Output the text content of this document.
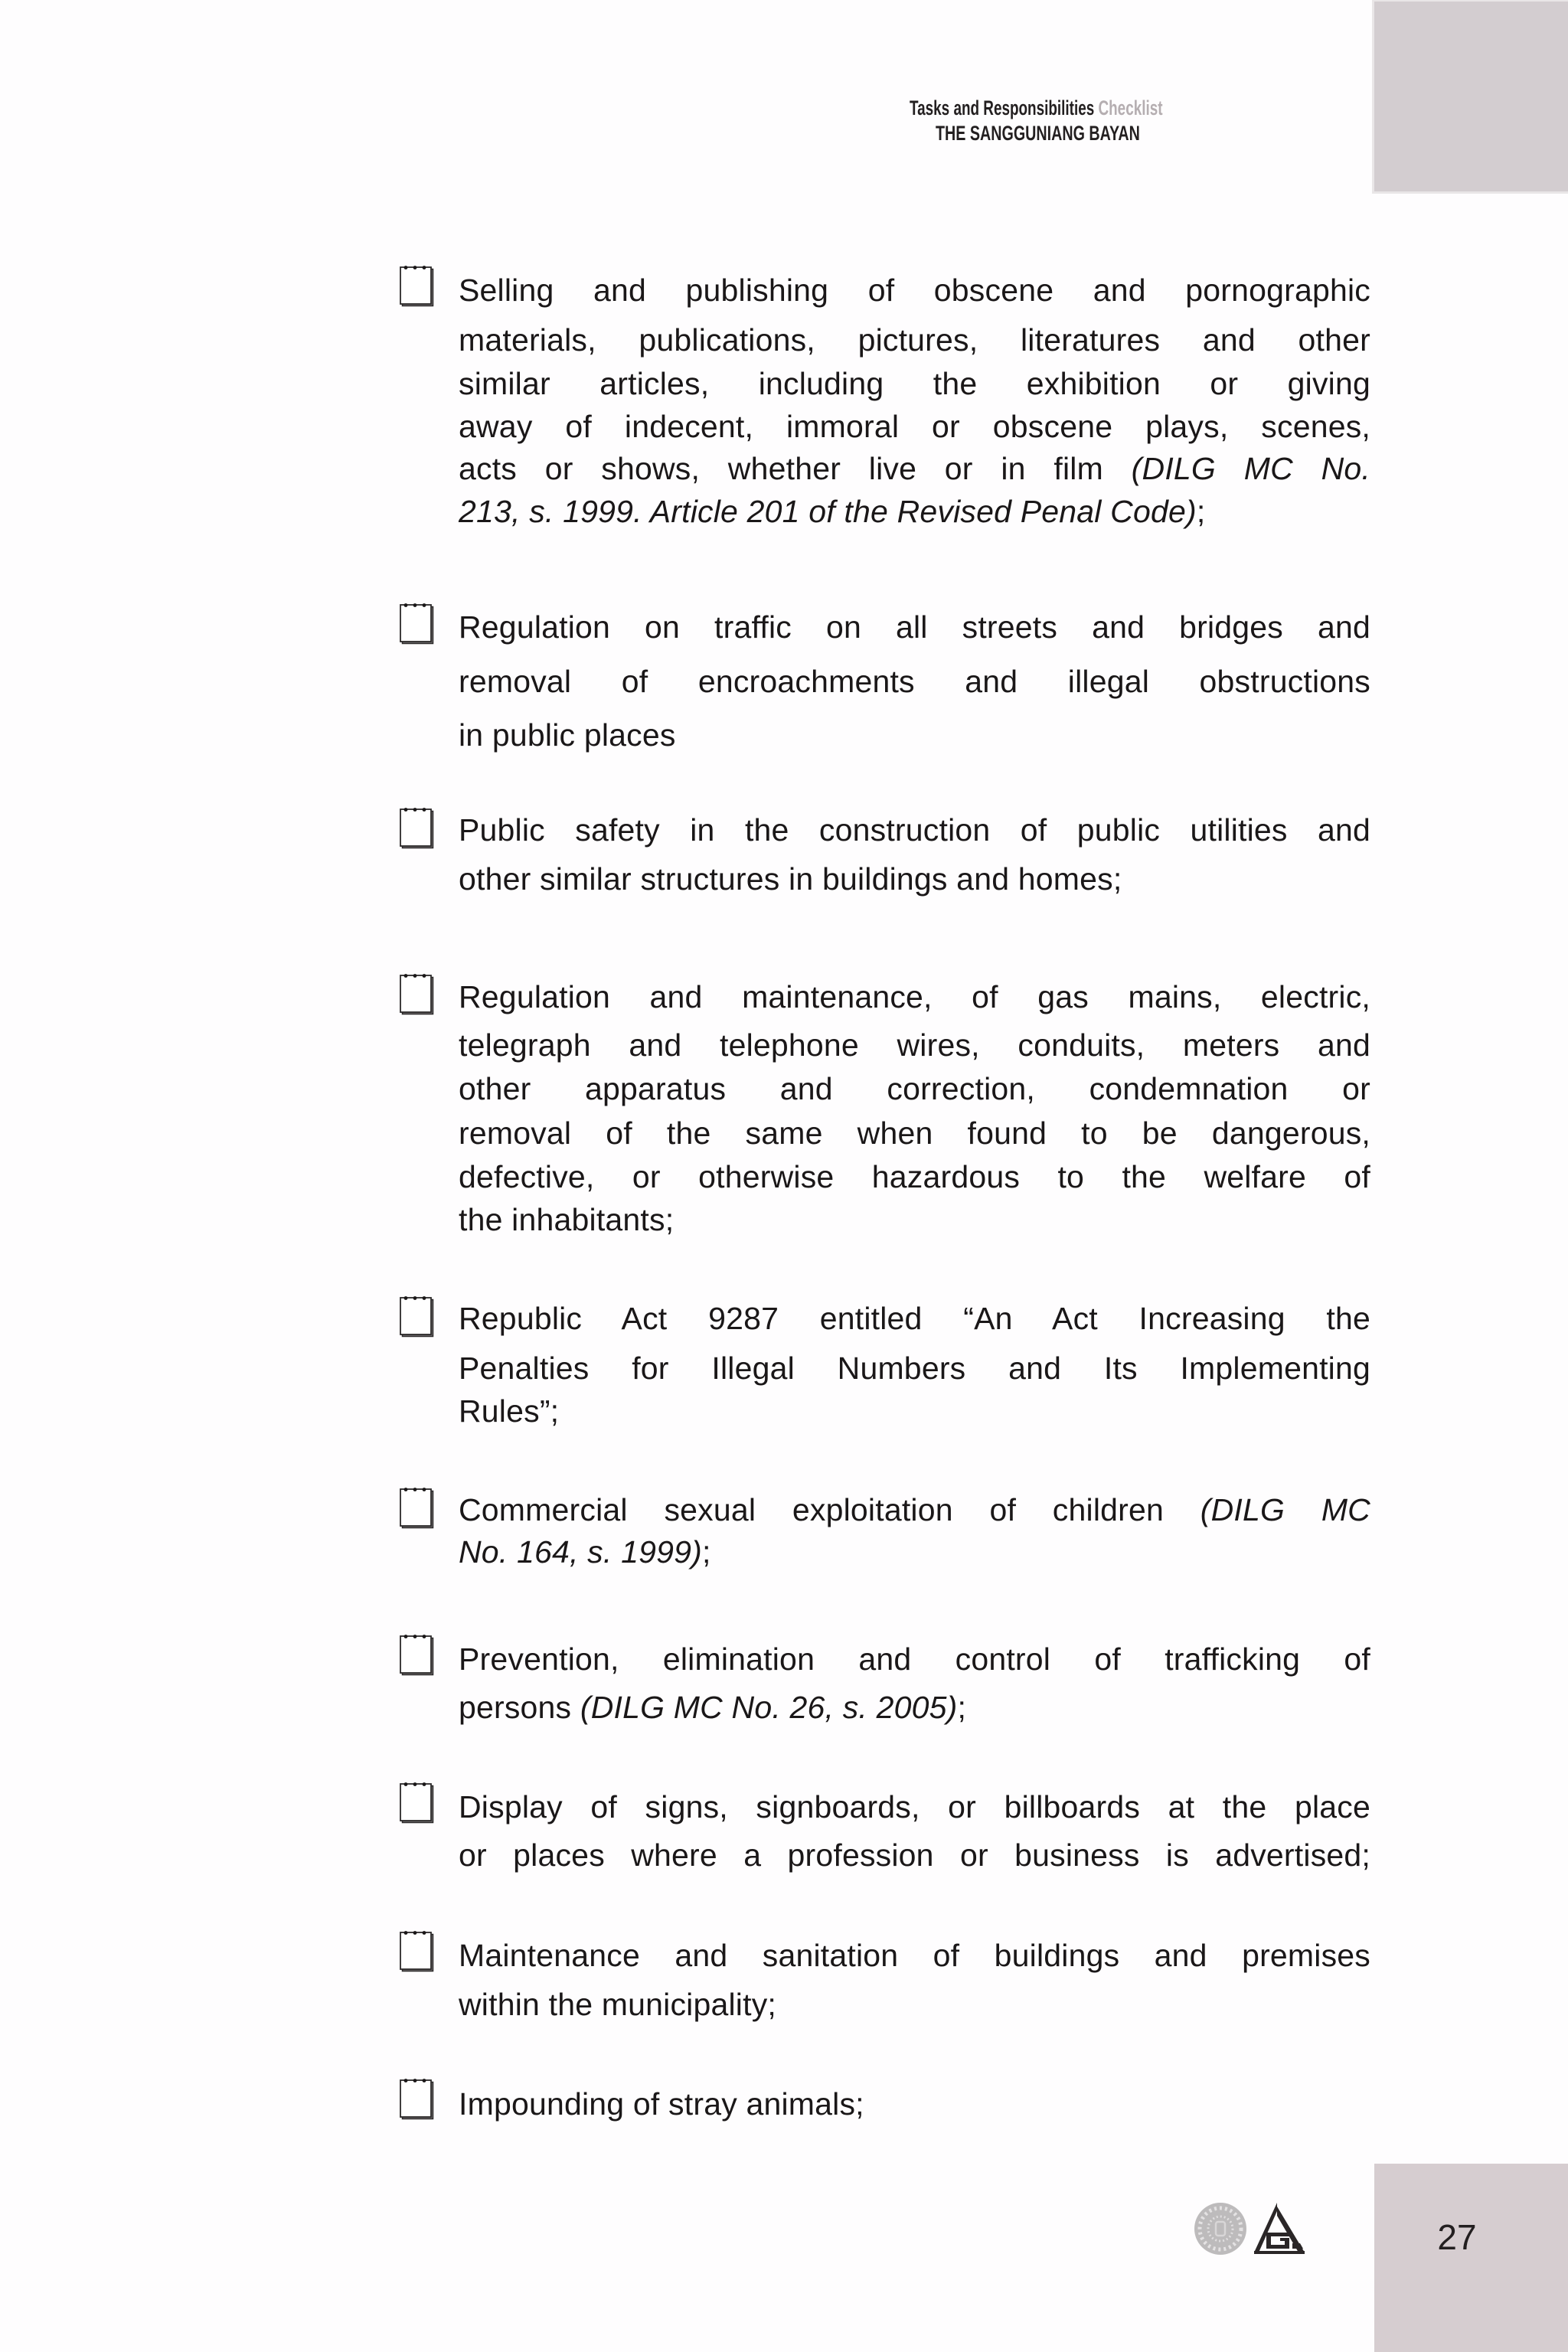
27
Tasks and Responsibilities Checklist
THE SANGGUNIANG BAYAN
Selling and publishing of obscene and pornographic
materials, publications, pictures, literatures and other
similar articles, including the exhibition or giving
away of indecent, immoral or obscene plays, scenes,
acts or shows, whether live or in film (DILG MC No.
213, s. 1999. Article 201 of the Revised Penal Code);
Regulation on traffic on all streets and bridges and
removal of encroachments and illegal obstructions
in public places
Public safety in the construction of public utilities and
other similar structures in buildings and homes;
Regulation and maintenance, of gas mains, electric,
telegraph and telephone wires, conduits, meters and
other apparatus and correction, condemnation or
removal of the same when found to be dangerous,
defective, or otherwise hazardous to the welfare of
the inhabitants;
Republic Act 9287 entitled “An Act Increasing the
Penalties for Illegal Numbers and Its Implementing
Rules”;
Commercial sexual exploitation of children (DILG MC
No. 164, s. 1999);
Prevention, elimination and control of trafficking of
persons (DILG MC No. 26, s. 2005);
Display of signs, signboards, or billboards at the place
or places where a profession or business is advertised;
Maintenance and sanitation of buildings and premises
within the municipality;
Impounding of stray animals;
